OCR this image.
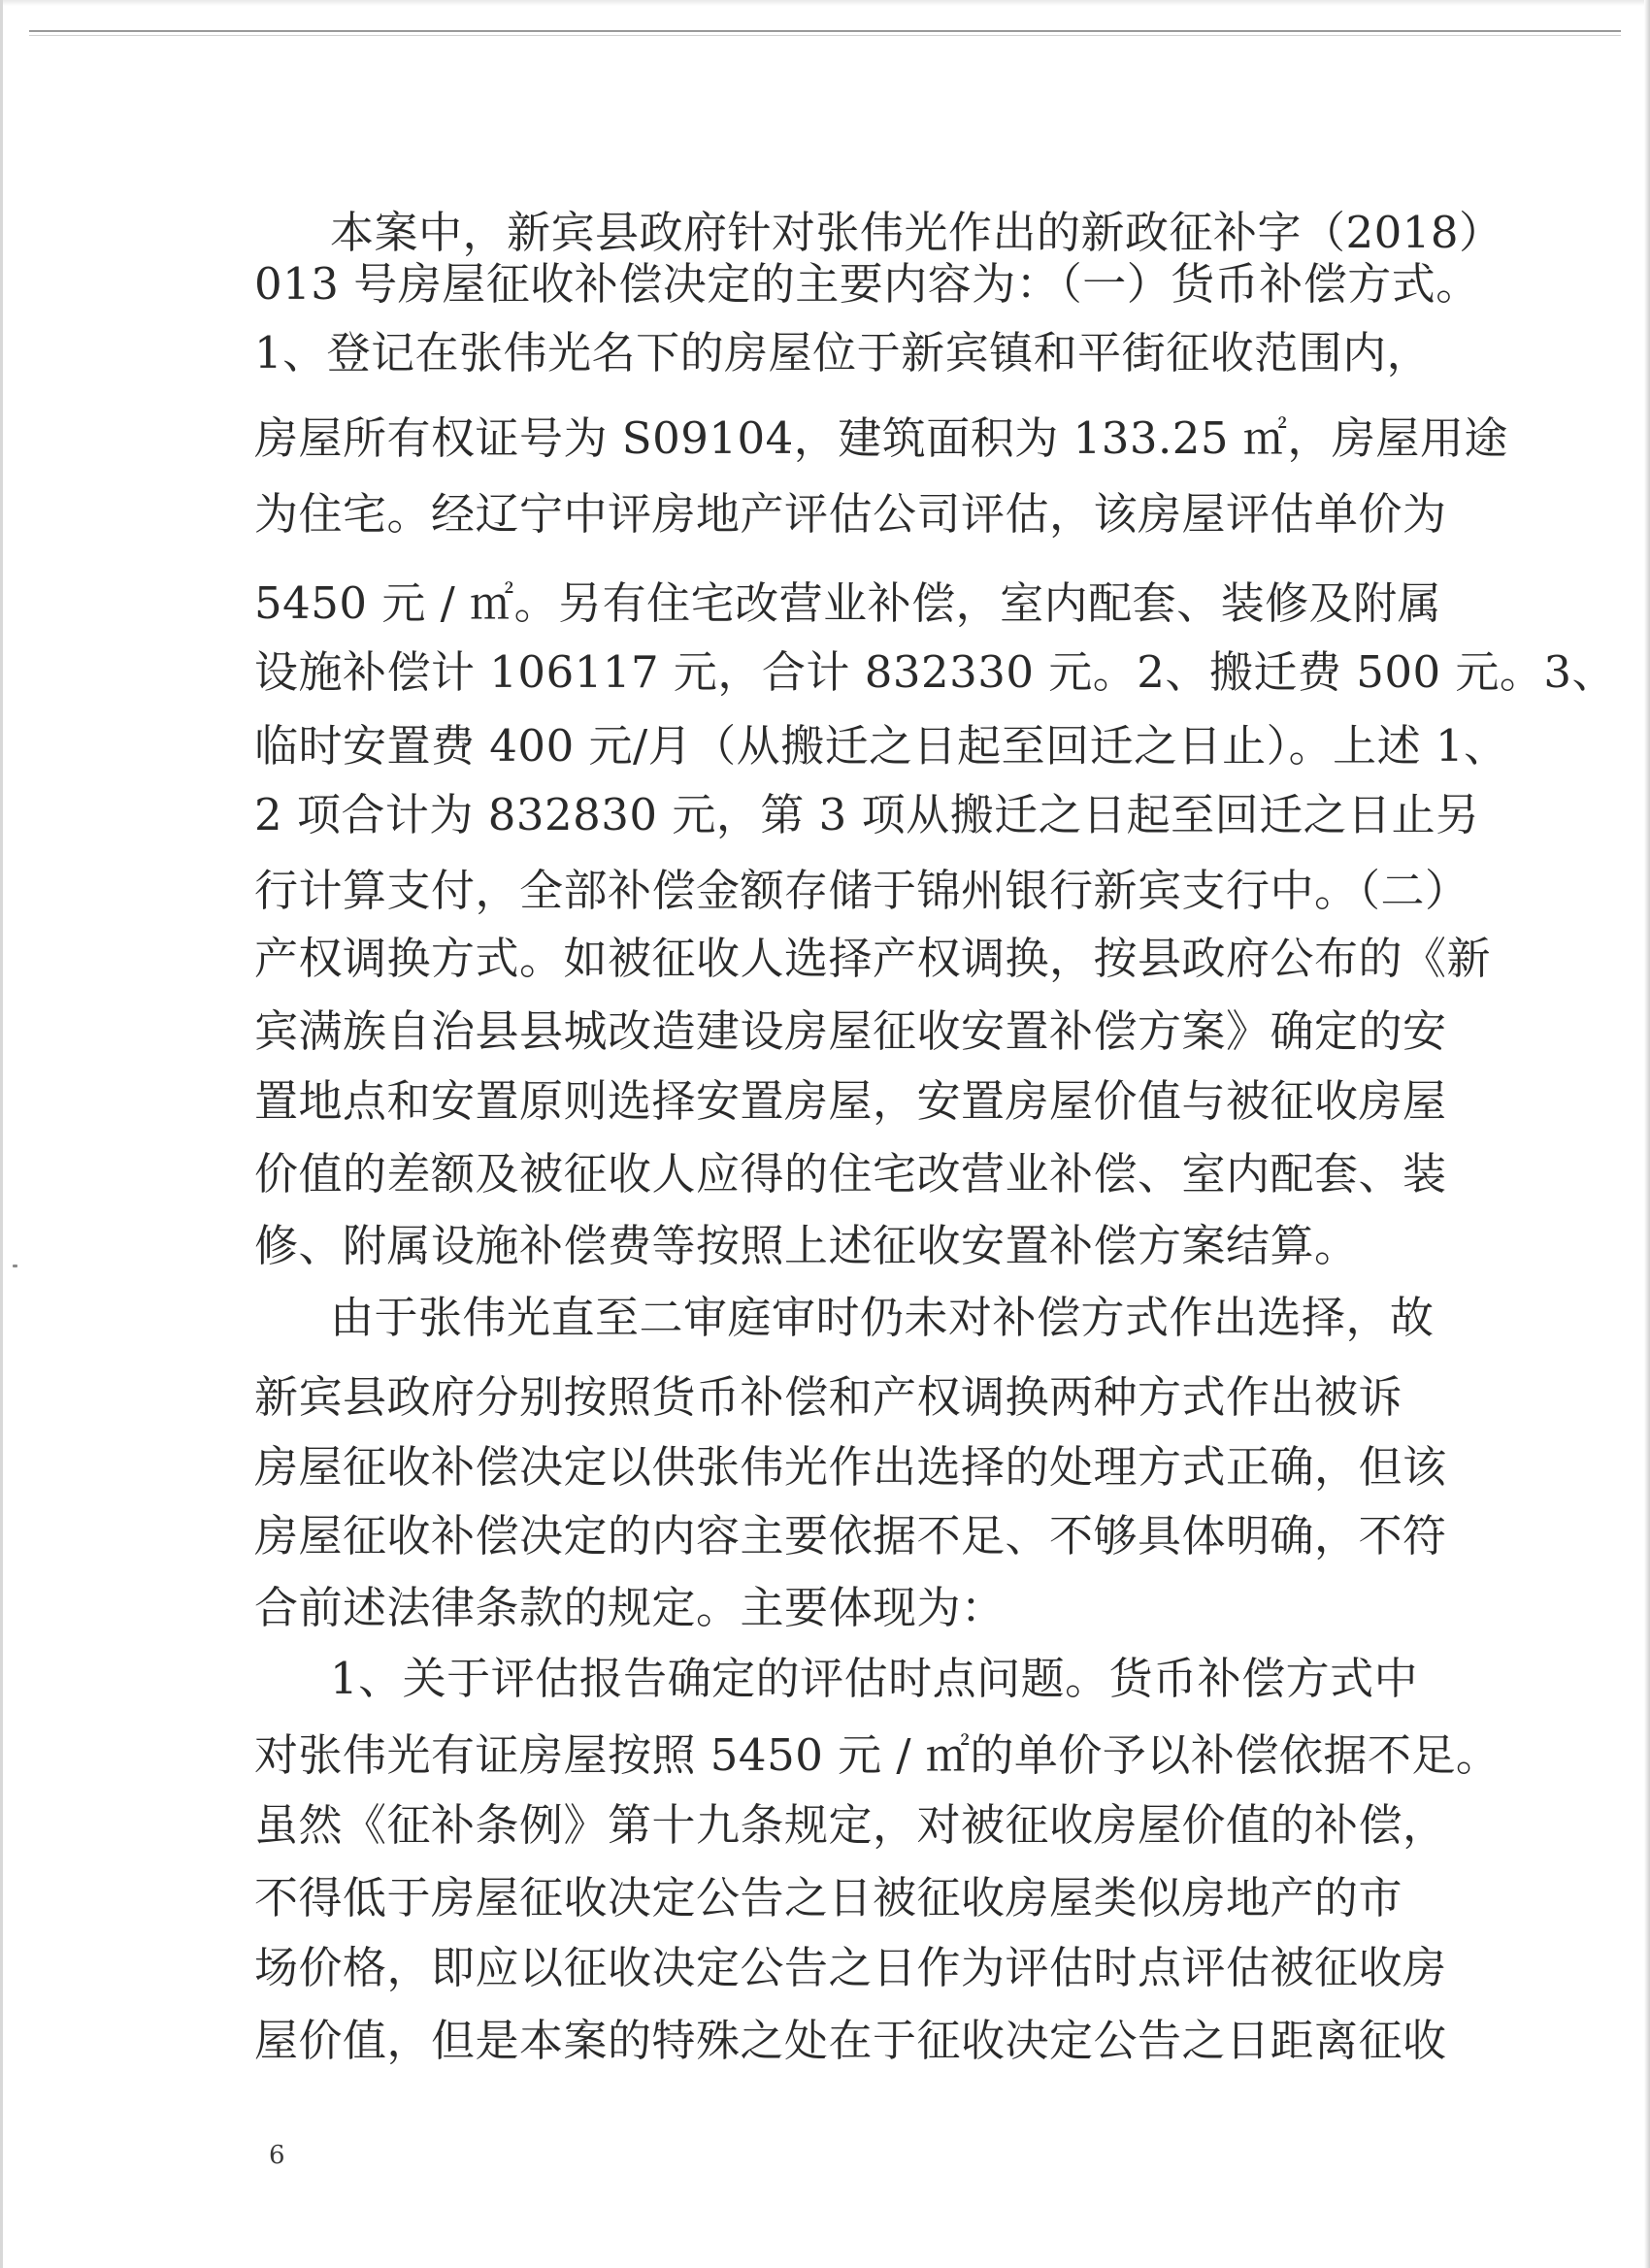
本案中，新宾县政府针对张伟光作出的新政征补字（2018）

013 号房屋征收补偿决定的主要内容为：（一）货币补偿方式。

1、登记在张伟光名下的房屋位于新宾镇和平街征收范围内，

房屋所有权证号为 S09104，建筑面积为 133.25 ㎡，房屋用途

为住宅。经辽宁中评房地产评估公司评估，该房屋评估单价为

5450 元 / ㎡。另有住宅改营业补偿，室内配套、装修及附属

设施补偿计 106117 元，合计 832330 元。2、搬迁费 500 元。3、

临时安置费 400 元/月（从搬迁之日起至回迁之日止）。上述 1、

2 项合计为 832830 元，第 3 项从搬迁之日起至回迁之日止另

行计算支付，全部补偿金额存储于锦州银行新宾支行中。（二）

产权调换方式。如被征收人选择产权调换，按县政府公布的《新

宾满族自治县县城改造建设房屋征收安置补偿方案》确定的安

置地点和安置原则选择安置房屋，安置房屋价值与被征收房屋

价值的差额及被征收人应得的住宅改营业补偿、室内配套、装

修、附属设施补偿费等按照上述征收安置补偿方案结算。

由于张伟光直至二审庭审时仍未对补偿方式作出选择，故

新宾县政府分别按照货币补偿和产权调换两种方式作出被诉

房屋征收补偿决定以供张伟光作出选择的处理方式正确，但该

房屋征收补偿决定的内容主要依据不足、不够具体明确，不符

合前述法律条款的规定。主要体现为：

1、关于评估报告确定的评估时点问题。货币补偿方式中

对张伟光有证房屋按照 5450 元 / ㎡的单价予以补偿依据不足。

虽然《征补条例》第十九条规定，对被征收房屋价值的补偿，

不得低于房屋征收决定公告之日被征收房屋类似房地产的市

场价格，即应以征收决定公告之日作为评估时点评估被征收房

屋价值，但是本案的特殊之处在于征收决定公告之日距离征收

6
